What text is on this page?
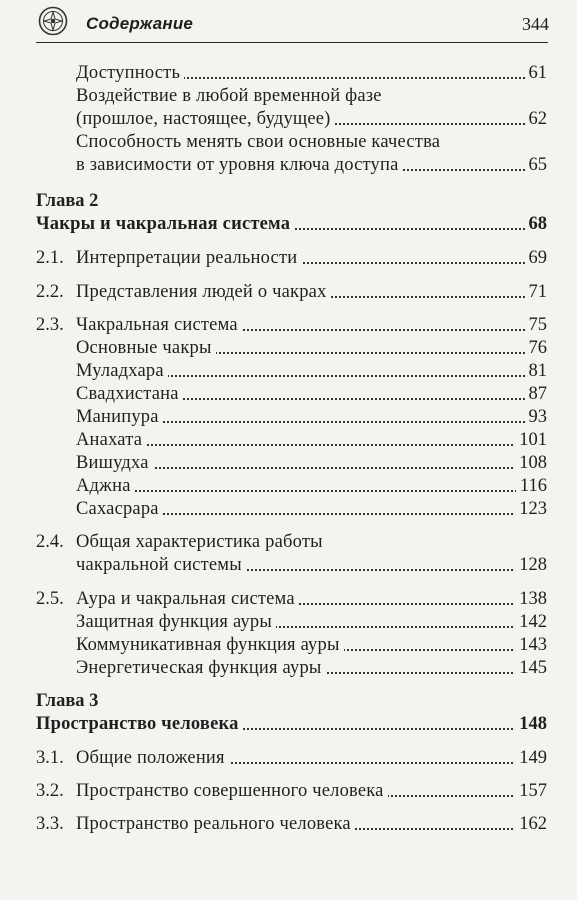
Содержание	344
Доступность	61
Воздействие в любой временной фазе
(прошлое, настоящее, будущее)	62
Способность менять свои основные качества
в зависимости от уровня ключа доступа	65
Глава 2
Чакры и чакральная система	68
2.1. Интерпретации реальности	69
2.2. Представления людей о чакрах	71
2.3. Чакральная система	75
Основные чакры	76
Муладхара	81
Свадхистана	87
Манипура	93
Анахата	101
Вишудха	108
Аджна	116
Сахасрара	123
2.4. Общая характеристика работы
чакральной системы	128
2.5. Аура и чакральная система	138
Защитная функция ауры	142
Коммуникативная функция ауры	143
Энергетическая функция ауры	145
Глава 3
Пространство человека	148
3.1. Общие положения	149
3.2. Пространство совершенного человека	157
3.3. Пространство реального человека	162
